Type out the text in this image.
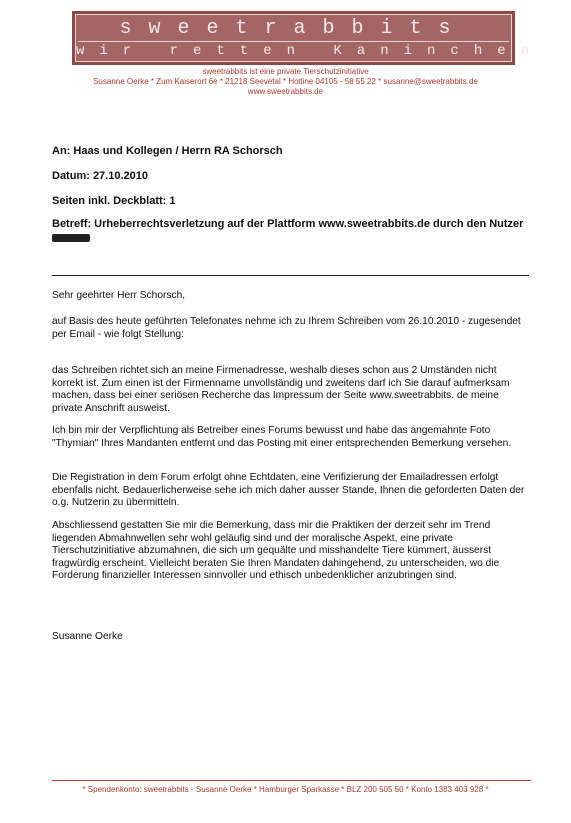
sweetrabbits
wir retten Kaninchen
sweetrabbits ist eine private Tierschutzinitiative
Susanne Oerke * Zum Kaiserort 6e * 21218 Seevetal * Hotline 04105 - 58 55 22 * susanne@sweetrabbits.de
www.sweetrabbits.de
An: Haas und Kollegen / Herrn RA Schorsch
Datum: 27.10.2010
Seiten inkl. Deckblatt: 1
Betreff: Urheberrechtsverletzung auf der Plattform www.sweetrabbits.de durch den Nutzer
Sehr geehrter Herr Schorsch,
auf Basis des heute geführten Telefonates nehme ich zu Ihrem Schreiben vom 26.10.2010 - zugesendet per Email - wie folgt Stellung:
das Schreiben richtet sich an meine Firmenadresse, weshalb dieses schon aus 2 Umständen nicht korrekt ist. Zum einen ist der Firmenname unvollständig und zweitens darf ich Sie darauf aufmerksam machen, dass bei einer seriösen Recherche das Impressum der Seite www.sweetrabbits. de meine private Anschrift ausweist.
Ich bin mir der Verpflichtung als Betreiber eines Forums bewusst und habe das angemahnte Foto "Thymian" Ihres Mandanten entfernt und das Posting mit einer entsprechenden Bemerkung versehen.
Die Registration in dem Forum erfolgt ohne Echtdaten, eine Verifizierung der Emailadressen erfolgt ebenfalls nicht. Bedauerlicherweise sehe ich mich daher ausser Stande, Ihnen die geforderten Daten der o.g. Nutzerin zu übermitteln.
Abschliessend gestatten Sie mir die Bemerkung, dass mir die Praktiken der derzeit sehr im Trend liegenden Abmahnwellen sehr wohl geläufig sind und der moralische Aspekt, eine private Tierschutzinitiative abzumahnen, die sich um gequälte und misshandelte Tiere kümmert, äusserst fragwürdig erscheint. Vielleicht beraten Sie Ihren Mandaten dahingehend, zu unterscheiden, wo die Forderung finanzieller Interessen sinnvoller und ethisch unbedenklicher anzubringen sind.
Susanne Oerke
* Spendenkonto: sweetrabbits - Susanne Oerke * Hamburger Sparkasse * BLZ 200 505 50 * Konto 1383 403 928 *
